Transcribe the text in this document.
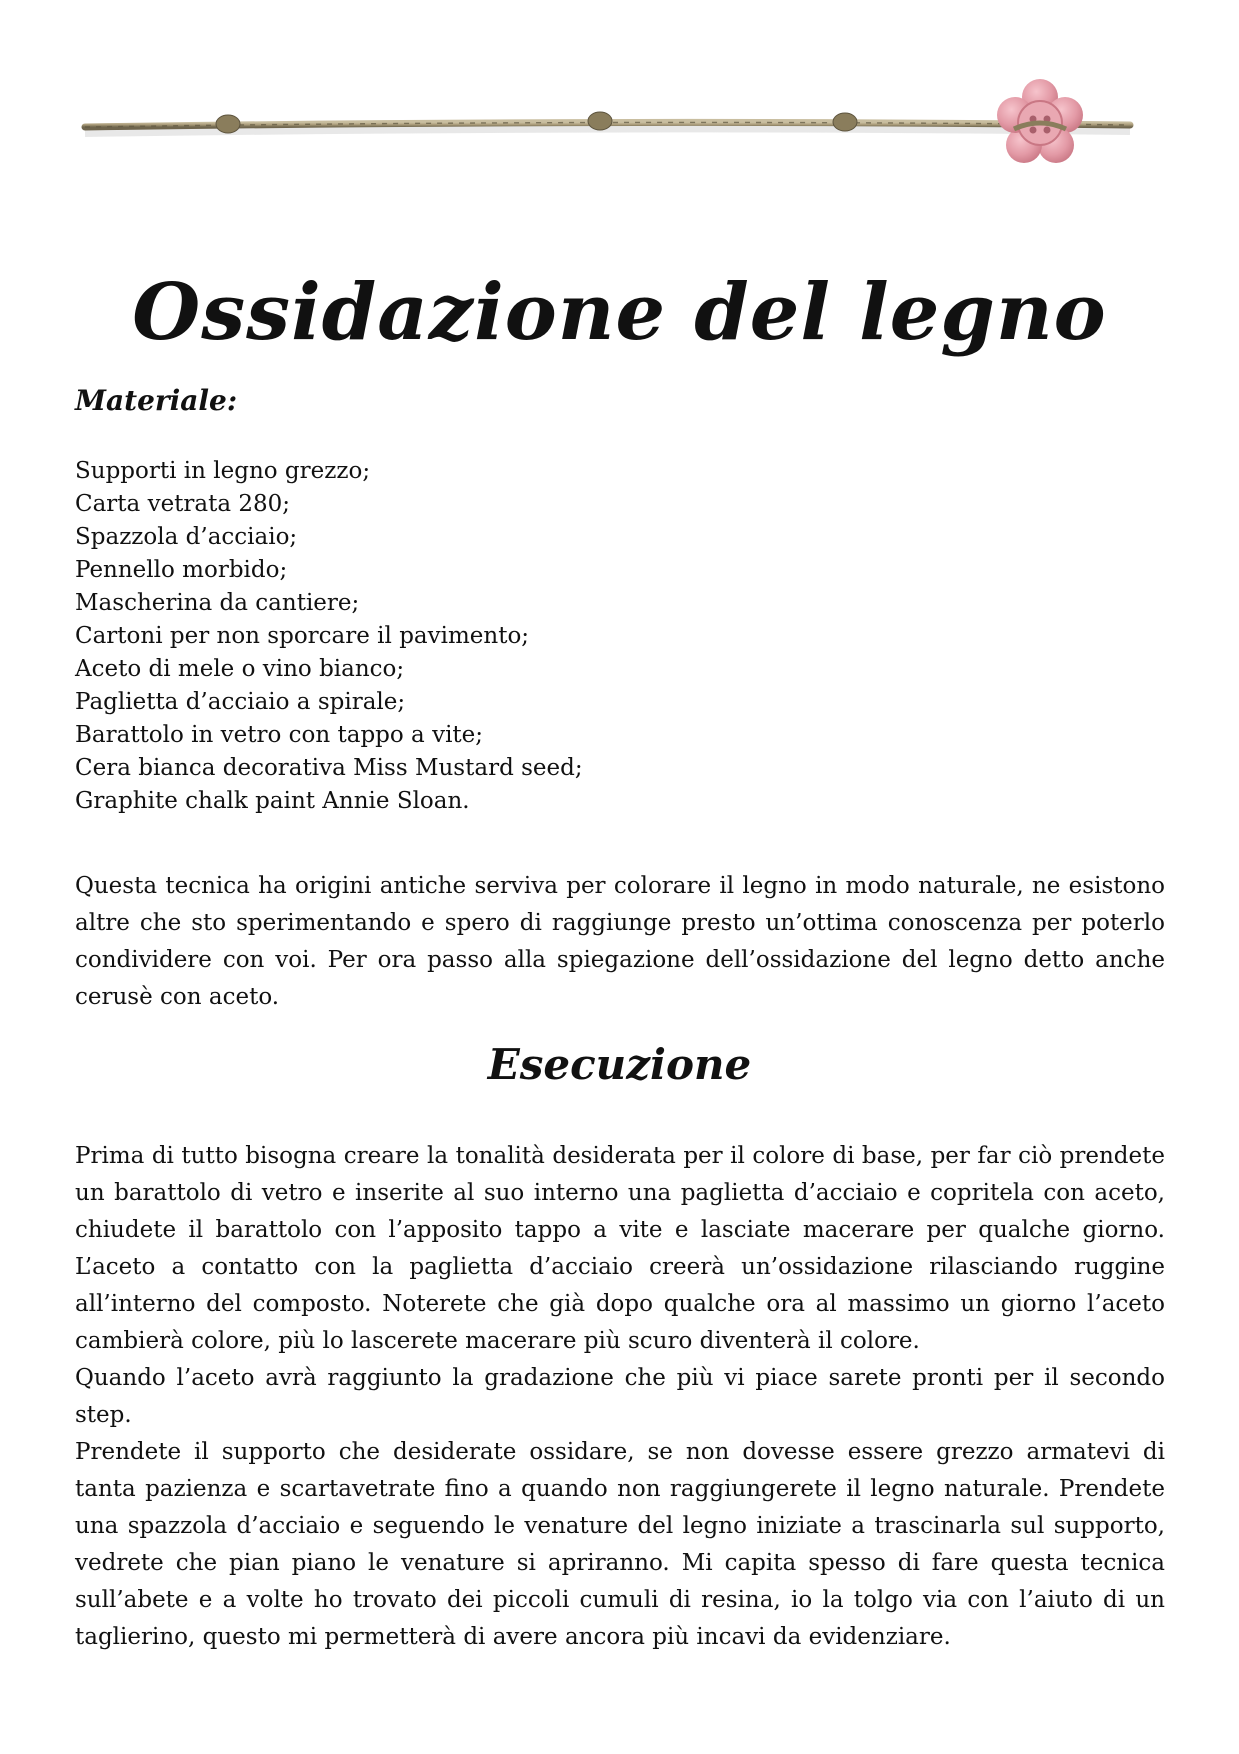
Ossidazione del legno
Materiale:
Supporti in legno grezzo;
Carta vetrata 280;
Spazzola d’acciaio;
Pennello morbido;
Mascherina da cantiere;
Cartoni per non sporcare il pavimento;
Aceto di mele o vino bianco;
Paglietta d’acciaio a spirale;
Barattolo in vetro con tappo a vite;
Cera bianca decorativa Miss Mustard seed;
Graphite chalk paint Annie Sloan.

Questa tecnica ha origini antiche serviva per colorare il legno in modo naturale, ne esistono altre che sto sperimentando e spero di raggiunge presto un’ottima conoscenza per poterlo condividere con voi. Per ora passo alla spiegazione dell’ossidazione del legno detto anche cerusè con aceto.

Esecuzione

Prima di tutto bisogna creare la tonalità desiderata per il colore di base, per far ciò prendete un barattolo di vetro e inserite al suo interno una paglietta d’acciaio e copritela con aceto, chiudete il barattolo con l’apposito tappo a vite e lasciate macerare per qualche giorno. L’aceto a contatto con la paglietta d’acciaio creerà un’ossidazione rilasciando ruggine all’interno del composto. Noterete che già dopo qualche ora al massimo un giorno l’aceto cambierà colore, più lo lascerete macerare più scuro diventerà il colore.

Quando l’aceto avrà raggiunto la gradazione che più vi piace sarete pronti per il secondo step.

Prendete il supporto che desiderate ossidare, se non dovesse essere grezzo armatevi di tanta pazienza e scartavetrate fino a quando non raggiungerete il legno naturale. Prendete una spazzola d’acciaio e seguendo le venature del legno iniziate a trascinarla sul supporto, vedrete che pian piano le venature si apriranno. Mi capita spesso di fare questa tecnica sull’abete e a volte ho trovato dei piccoli cumuli di resina, io la tolgo via con l’aiuto di un taglierino, questo mi permetterà di avere ancora più incavi da evidenziare.
